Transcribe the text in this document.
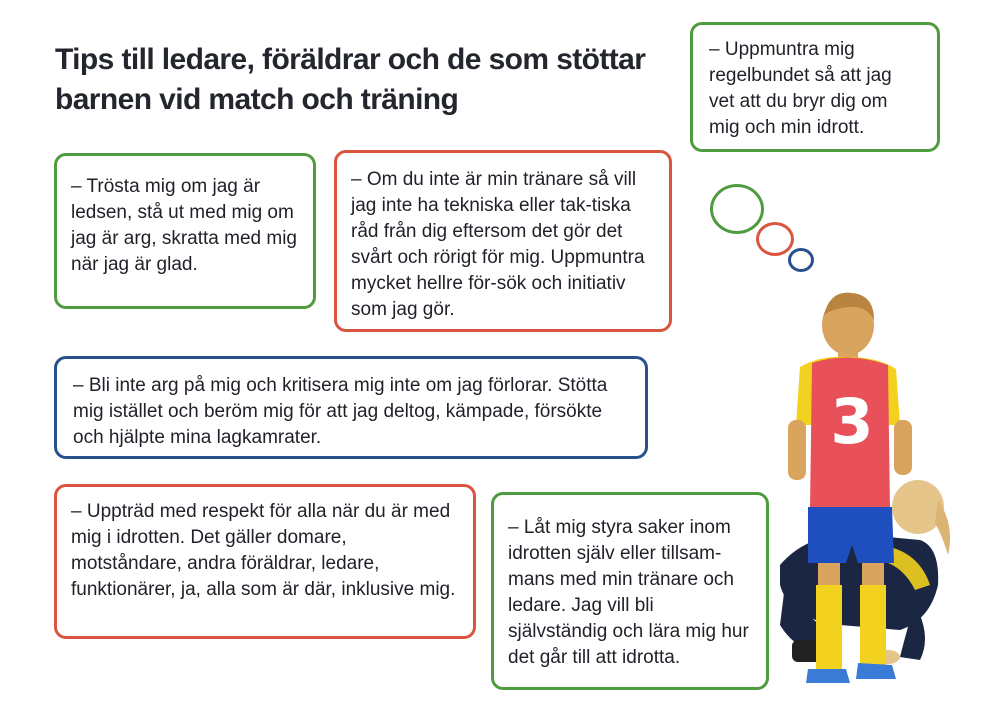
Tips till ledare, föräldrar och de som stöttar barnen vid match och träning
– Uppmuntra mig regelbundet så att jag vet att du bryr dig om mig och min idrott.
– Trösta mig om jag är ledsen, stå ut med mig om jag är arg, skratta med mig när jag är glad.
– Om du inte är min tränare så vill jag inte ha tekniska eller tak-tiska råd från dig eftersom det gör det svårt och rörigt för mig. Uppmuntra mycket hellre för-sök och initiativ som jag gör.
– Bli inte arg på mig och kritisera mig inte om jag förlorar. Stötta mig istället och beröm mig för att jag deltog, kämpade, försökte och hjälpte mina lagkamrater.
– Uppträd med respekt för alla när du är med mig i idrotten. Det gäller domare, motståndare, andra föräldrar, ledare, funktionärer, ja, alla som är där, inklusive mig.
– Låt mig styra saker inom idrotten själv eller tillsam-mans med min tränare och ledare. Jag vill bli självständig och lära mig hur det går till att idrotta.
3
